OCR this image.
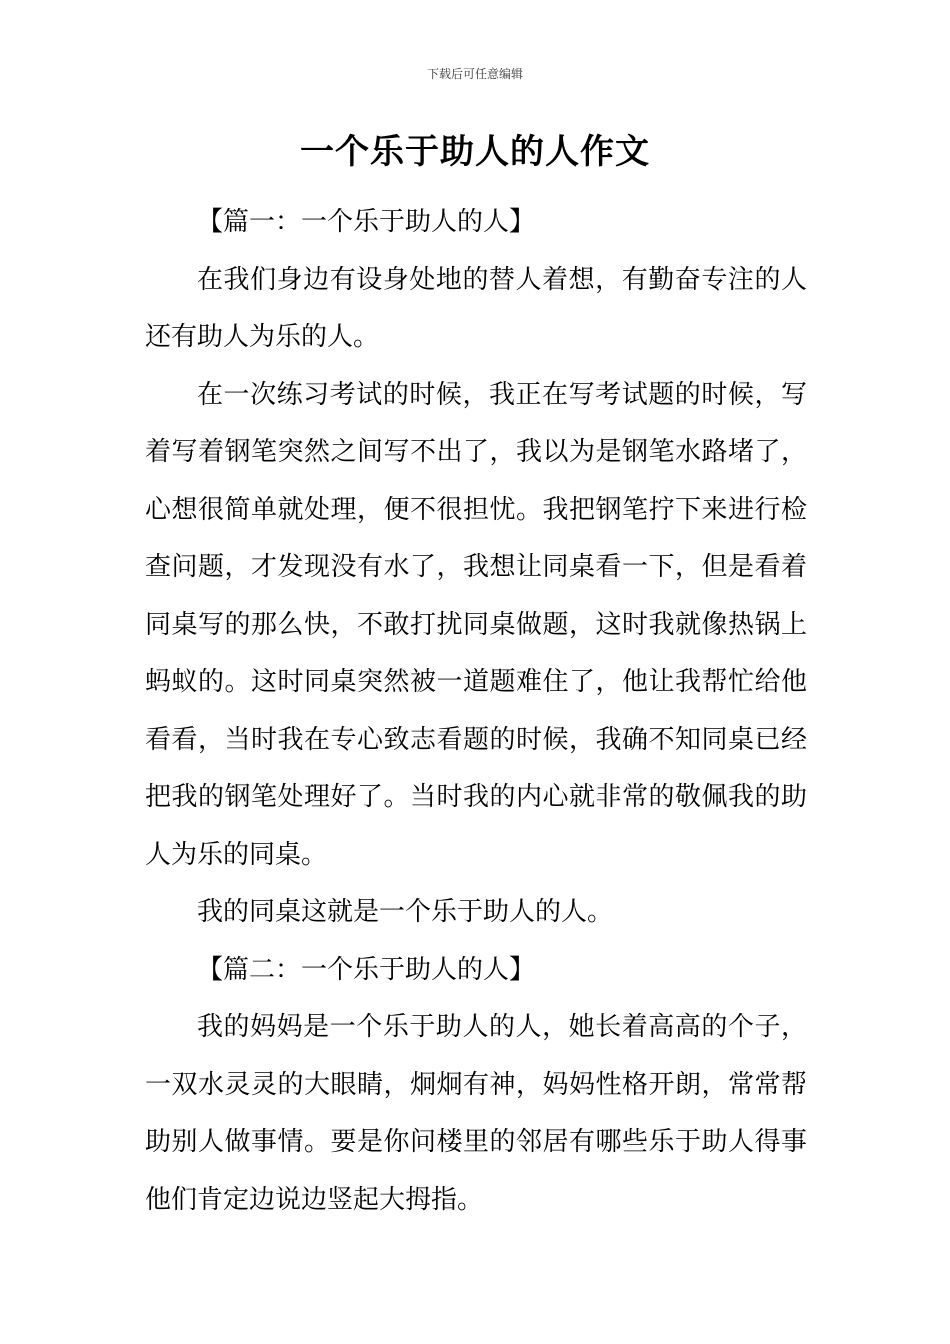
下载后可任意编辑
一个乐于助人的人作文

【篇一：一个乐于助人的人】

在我们身边有设身处地的替人着想，有勤奋专注的人还有助人为乐的人。

在一次练习考试的时候，我正在写考试题的时候，写着写着钢笔突然之间写不出了，我以为是钢笔水路堵了，心想很简单就处理，便不很担忧。我把钢笔拧下来进行检查问题，才发现没有水了，我想让同桌看一下，但是看着同桌写的那么快，不敢打扰同桌做题，这时我就像热锅上蚂蚁的。这时同桌突然被一道题难住了，他让我帮忙给他看看，当时我在专心致志看题的时候，我确不知同桌已经把我的钢笔处理好了。当时我的内心就非常的敬佩我的助人为乐的同桌。

我的同桌这就是一个乐于助人的人。

【篇二：一个乐于助人的人】

我的妈妈是一个乐于助人的人，她长着高高的个子，一双水灵灵的大眼睛，炯炯有神，妈妈性格开朗，常常帮助别人做事情。要是你问楼里的邻居有哪些乐于助人得事他们肯定边说边竖起大拇指。
